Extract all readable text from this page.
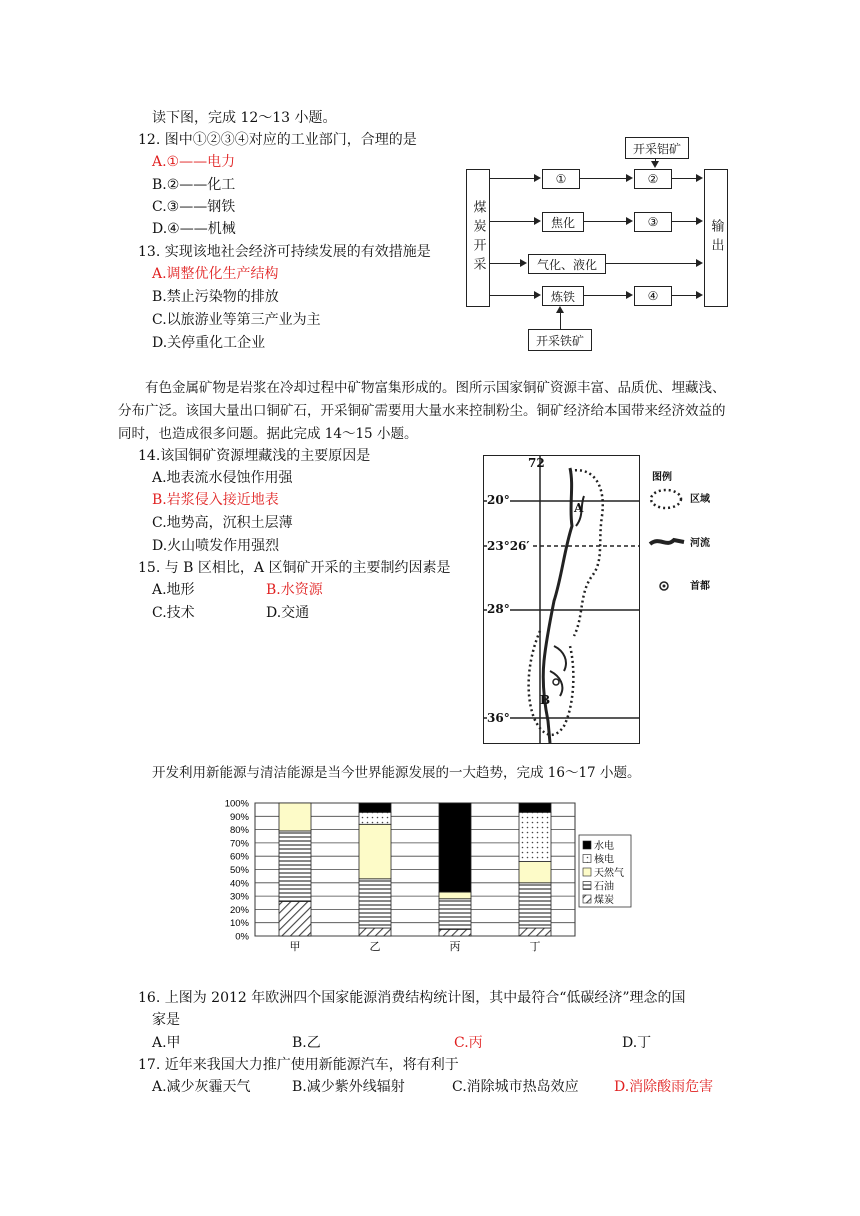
读下图，完成 12～13 小题。
12. 图中①②③④对应的工业部门，合理的是
A.①——电力
B.②——化工
C.③——钢铁
D.④——机械
13. 实现该地社会经济可持续发展的有效措施是
A.调整优化生产结构
B.禁止污染物的排放
C.以旅游业等第三产业为主
D.关停重化工企业
煤炭开采	输出
开采铝矿
①	②
焦化	③
气化、液化
炼铁	④
开采铁矿
有色金属矿物是岩浆在冷却过程中矿物富集形成的。图所示国家铜矿资源丰富、品质优、埋藏浅、分布广泛。该国大量出口铜矿石，开采铜矿需要用大量水来控制粉尘。铜矿经济给本国带来经济效益的同时，也造成很多问题。据此完成 14～15 小题。
14.该国铜矿资源埋藏浅的主要原因是
A.地表流水侵蚀作用强
B.岩浆侵入接近地表
C.地势高，沉积土层薄
D.火山喷发作用强烈
15. 与 B 区相比，A 区铜矿开采的主要制约因素是
A.地形	B.水资源
C.技术	D.交通
72
20°
23°26′
28°
36°
A
B
图例
区域
河流
首都
开发利用新能源与清洁能源是当今世界能源发展的一大趋势，完成 16～17 小题。
0%
10%
20%
30%
40%
50%
60%
70%
80%
90%
100%
甲	乙	丙	丁
水电
核电
天然气
石油
煤炭
16. 上图为 2012 年欧洲四个国家能源消费结构统计图，其中最符合“低碳经济”理念的国
家是
A.甲	B.乙	C.丙	D.丁
17. 近年来我国大力推广使用新能源汽车，将有利于
A.减少灰霾天气	B.减少紫外线辐射	C.消除城市热岛效应	D.消除酸雨危害
